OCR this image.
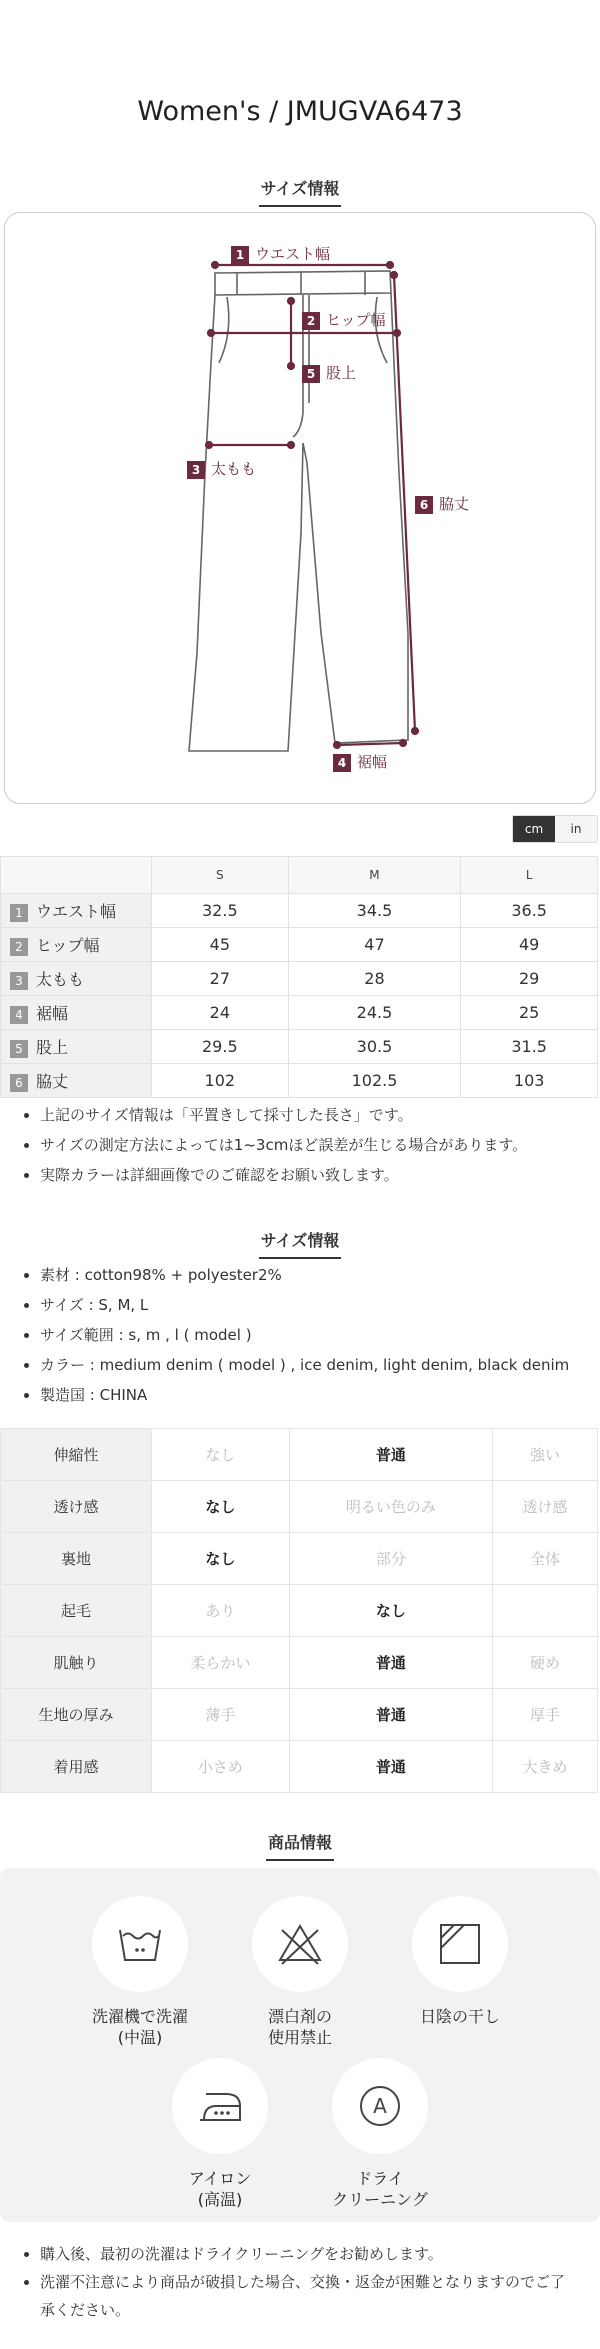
Women's / JMUGVA6473
サイズ情報
1 ウエスト幅
2 ヒップ幅
5 股上
3 太もも
6 脇丈
4 裾幅
cm	in
	S	M	L
1 ウエスト幅	32.5	34.5	36.5
2 ヒップ幅	45	47	49
3 太もも	27	28	29
4 裾幅	24	24.5	25
5 股上	29.5	30.5	31.5
6 脇丈	102	102.5	103
• 上記のサイズ情報は「平置きして採寸した長さ」です。
• サイズの測定方法によっては1~3cmほど誤差が生じる場合があります。
• 実際カラーは詳細画像でのご確認をお願い致します。
サイズ情報
• 素材 : cotton98% + polyester2%
• サイズ : S, M, L
• サイズ範囲 : s, m , l ( model )
• カラー : medium denim ( model ) , ice denim, light denim, black denim
• 製造国 : CHINA
伸縮性	なし	普通	強い
透け感	なし	明るい色のみ	透け感
裏地	なし	部分	全体
起毛	あり	なし	
肌触り	柔らかい	普通	硬め
生地の厚み	薄手	普通	厚手
着用感	小さめ	普通	大きめ
商品情報
洗濯機で洗濯
(中温)
漂白剤の
使用禁止
日陰の干し
アイロン
(高温)
A
ドライ
クリーニング
• 購入後、最初の洗濯はドライクリーニングをお勧めします。
• 洗濯不注意により商品が破損した場合、交換・返金が困難となりますのでご了承ください。
